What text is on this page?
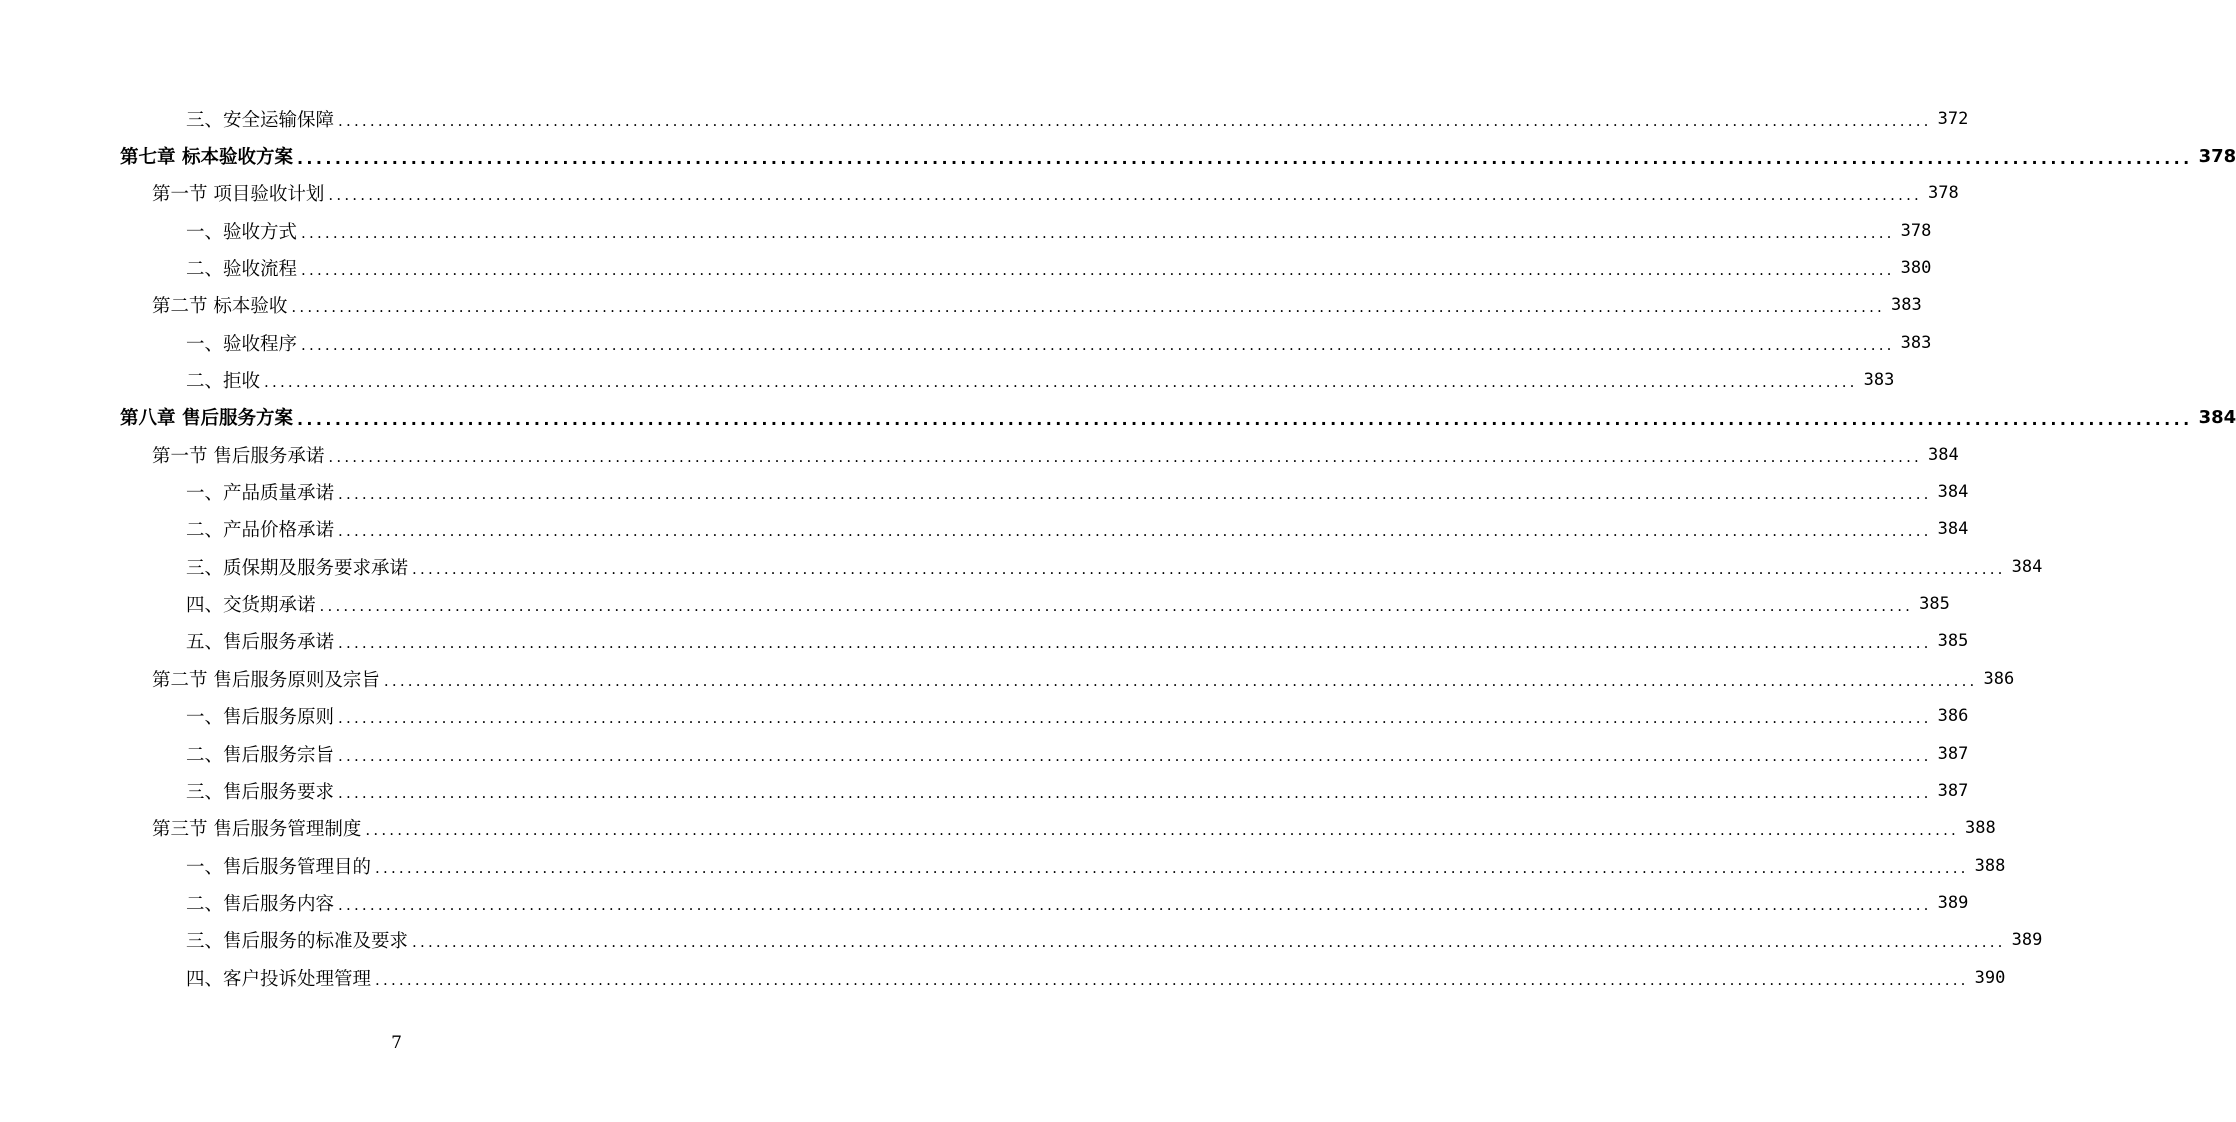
三、安全运输保障 ........................................................................................................................................................................................................ 372
第七章 标本验收方案 ........................................................................................................................................................................................................ 378
第一节 项目验收计划 ........................................................................................................................................................................................................ 378
一、验收方式 ........................................................................................................................................................................................................ 378
二、验收流程 ........................................................................................................................................................................................................ 380
第二节 标本验收 ........................................................................................................................................................................................................ 383
一、验收程序 ........................................................................................................................................................................................................ 383
二、拒收 ........................................................................................................................................................................................................ 383
第八章 售后服务方案 ........................................................................................................................................................................................................ 384
第一节 售后服务承诺 ........................................................................................................................................................................................................ 384
一、产品质量承诺 ........................................................................................................................................................................................................ 384
二、产品价格承诺 ........................................................................................................................................................................................................ 384
三、质保期及服务要求承诺 ........................................................................................................................................................................................................ 384
四、交货期承诺 ........................................................................................................................................................................................................ 385
五、售后服务承诺 ........................................................................................................................................................................................................ 385
第二节 售后服务原则及宗旨 ........................................................................................................................................................................................................ 386
一、售后服务原则 ........................................................................................................................................................................................................ 386
二、售后服务宗旨 ........................................................................................................................................................................................................ 387
三、售后服务要求 ........................................................................................................................................................................................................ 387
第三节 售后服务管理制度 ........................................................................................................................................................................................................ 388
一、售后服务管理目的 ........................................................................................................................................................................................................ 388
二、售后服务内容 ........................................................................................................................................................................................................ 389
三、售后服务的标准及要求 ........................................................................................................................................................................................................ 389
四、客户投诉处理管理 ........................................................................................................................................................................................................ 390
7
